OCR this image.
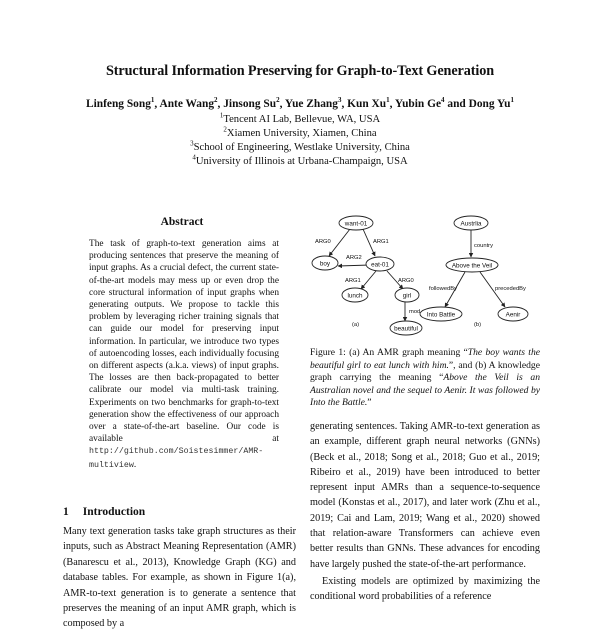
Structural Information Preserving for Graph-to-Text Generation
Linfeng Song$^1$, Ante Wang$^2$, Jinsong Su$^2$, Yue Zhang$^3$, Kun Xu$^1$, Yubin Ge$^4$ and Dong Yu$^1$
$^1$Tencent AI Lab, Bellevue, WA, USA
$^2$Xiamen University, Xiamen, China
$^3$School of Engineering, Westlake University, China
$^4$University of Illinois at Urbana-Champaign, USA
Abstract
The task of graph-to-text generation aims at producing sentences that preserve the meaning of input graphs. As a crucial defect, the current state-of-the-art models may mess up or even drop the core structural information of input graphs when generating outputs. We propose to tackle this problem by leveraging richer training signals that can guide our model for preserving input information. In particular, we introduce two types of autoencoding losses, each individually focusing on different aspects (a.k.a. views) of input graphs. The losses are then back-propagated to better calibrate our model via multi-task training. Experiments on two benchmarks for graph-to-text generation show the effectiveness of our approach over a state-of-the-art baseline. Our code is available at http://github.com/Soistesimmer/AMR-multiview.
1 Introduction

Many text generation tasks take graph structures as their inputs, such as Abstract Meaning Representation (AMR) (Banarescu et al., 2013), Knowledge Graph (KG) and database tables. For example, as shown in Figure 1(a), AMR-to-text generation is to generate a sentence that preserves the meaning of an input AMR graph, which is composed by a

want-01
boy	eat-01
lunch	girl
beautiful
Austrlia
Above the Veil
Into Battle	Aenir
ARG0	ARG1
ARG2
ARG1	ARG0
mod
country
followedBy	precededBy
(a)	(b)
Figure 1: (a) An AMR graph meaning “The boy wants the beautiful girl to eat lunch with him.”, and (b) A knowledge graph carrying the meaning “Above the Veil is an Australian novel and the sequel to Aenir. It was followed by Into the Battle.”

generating sentences. Taking AMR-to-text generation as an example, different graph neural networks (GNNs) (Beck et al., 2018; Song et al., 2018; Guo et al., 2019; Ribeiro et al., 2019) have been introduced to better represent input AMRs than a sequence-to-sequence model (Konstas et al., 2017), and later work (Zhu et al., 2019; Cai and Lam, 2019; Wang et al., 2020) showed that relation-aware Transformers can achieve even better results than GNNs. These advances for encoding have largely pushed the state-of-the-art performance.

Existing models are optimized by maximizing the conditional word probabilities of a reference
